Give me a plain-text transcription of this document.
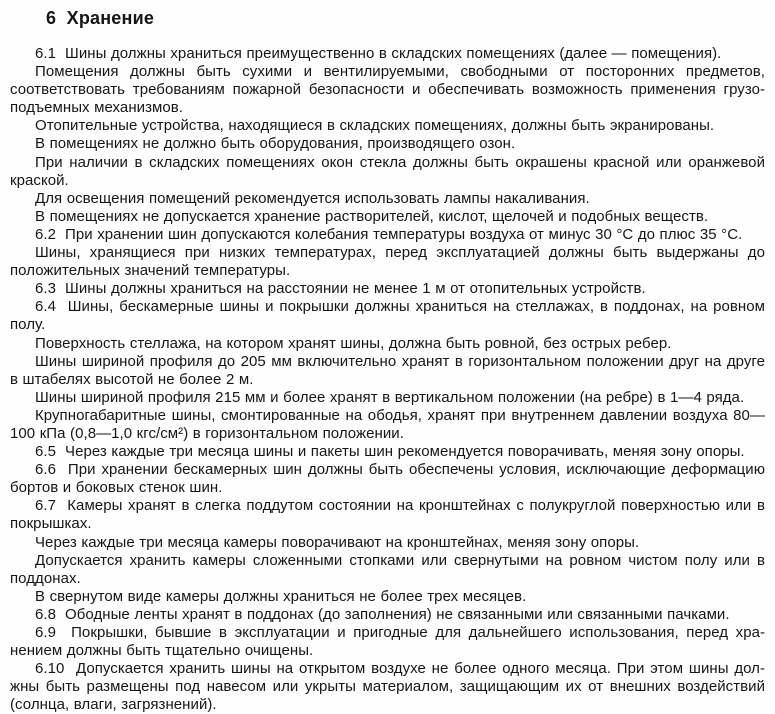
6  Хранение

6.1  Шины должны храниться преимущественно в складских помещениях (далее — помещения).

Помещения должны быть сухими и вентилируемыми, свободными от посторонних предметов, соответствовать требованиям пожарной безопасности и обеспечивать возможность применения грузоподъемных механизмов.

Отопительные устройства, находящиеся в складских помещениях, должны быть экранированы.

В помещениях не должно быть оборудования, производящего озон.

При наличии в складских помещениях окон стекла должны быть окрашены красной или оранжевой краской.

Для освещения помещений рекомендуется использовать лампы накаливания.

В помещениях не допускается хранение растворителей, кислот, щелочей и подобных веществ.

6.2  При хранении шин допускаются колебания температуры воздуха от минус 30 °С до плюс 35 °С.

Шины, хранящиеся при низких температурах, перед эксплуатацией должны быть выдержаны до положительных значений температуры.

6.3  Шины должны храниться на расстоянии не менее 1 м от отопительных устройств.

6.4  Шины, бескамерные шины и покрышки должны храниться на стеллажах, в поддонах, на ровном полу.

Поверхность стеллажа, на котором хранят шины, должна быть ровной, без острых ребер.

Шины шириной профиля до 205 мм включительно хранят в горизонтальном положении друг на друге в штабелях высотой не более 2 м.

Шины шириной профиля 215 мм и более хранят в вертикальном положении (на ребре) в 1—4 ряда.

Крупногабаритные шины, смонтированные на ободья, хранят при внутреннем давлении воздуха 80—100 кПа (0,8—1,0 кгс/см²) в горизонтальном положении.

6.5  Через каждые три месяца шины и пакеты шин рекомендуется поворачивать, меняя зону опоры.

6.6  При хранении бескамерных шин должны быть обеспечены условия, исключающие деформацию бортов и боковых стенок шин.

6.7  Камеры хранят в слегка поддутом состоянии на кронштейнах с полукруглой поверхностью или в покрышках.

Через каждые три месяца камеры поворачивают на кронштейнах, меняя зону опоры.

Допускается хранить камеры сложенными стопками или свернутыми на ровном чистом полу или в поддонах.

В свернутом виде камеры должны храниться не более трех месяцев.

6.8  Ободные ленты хранят в поддонах (до заполнения) не связанными или связанными пачками.

6.9  Покрышки, бывшие в эксплуатации и пригодные для дальнейшего использования, перед хранением должны быть тщательно очищены.

6.10  Допускается хранить шины на открытом воздухе не более одного месяца. При этом шины должны быть размещены под навесом или укрыты материалом, защищающим их от внешних воздействий (солнца, влаги, загрязнений).
